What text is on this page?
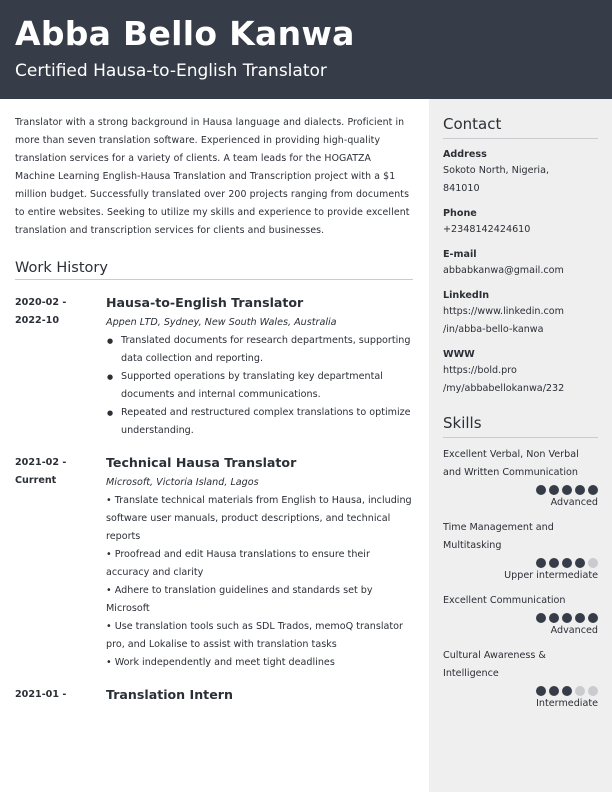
Abba Bello Kanwa
Certified Hausa-to-English Translator

Translator with a strong background in Hausa language and dialects. Proficient in more than seven translation software. Experienced in providing high-quality translation services for a variety of clients. A team leads for the HOGATZA Machine Learning English-Hausa Translation and Transcription project with a $1 million budget. Successfully translated over 200 projects ranging from documents to entire websites. Seeking to utilize my skills and experience to provide excellent translation and transcription services for clients and businesses.

Work History
2020-02 -
2022-10
Hausa-to-English Translator
Appen LTD, Sydney, New South Wales, Australia
● Translated documents for research departments, supporting data collection and reporting.
● Supported operations by translating key departmental documents and internal communications.
● Repeated and restructured complex translations to optimize understanding.
2021-02 -
Current
Technical Hausa Translator
Microsoft, Victoria Island, Lagos
• Translate technical materials from English to Hausa, including software user manuals, product descriptions, and technical reports
• Proofread and edit Hausa translations to ensure their accuracy and clarity
• Adhere to translation guidelines and standards set by Microsoft
• Use translation tools such as SDL Trados, memoQ translator pro, and Lokalise to assist with translation tasks
• Work independently and meet tight deadlines
2021-01 -	Translation Intern
Contact
Address
Sokoto North, Nigeria,
841010
Phone
+2348142424610
E-mail
abbabkanwa@gmail.com
LinkedIn
https://www.linkedin.com
/in/abba-bello-kanwa
WWW
https://bold.pro
/my/abbabellokanwa/232
Skills
Excellent Verbal, Non Verbal and Written Communication
Advanced
Time Management and Multitasking
Upper intermediate
Excellent Communication
Advanced
Cultural Awareness & Intelligence
Intermediate
